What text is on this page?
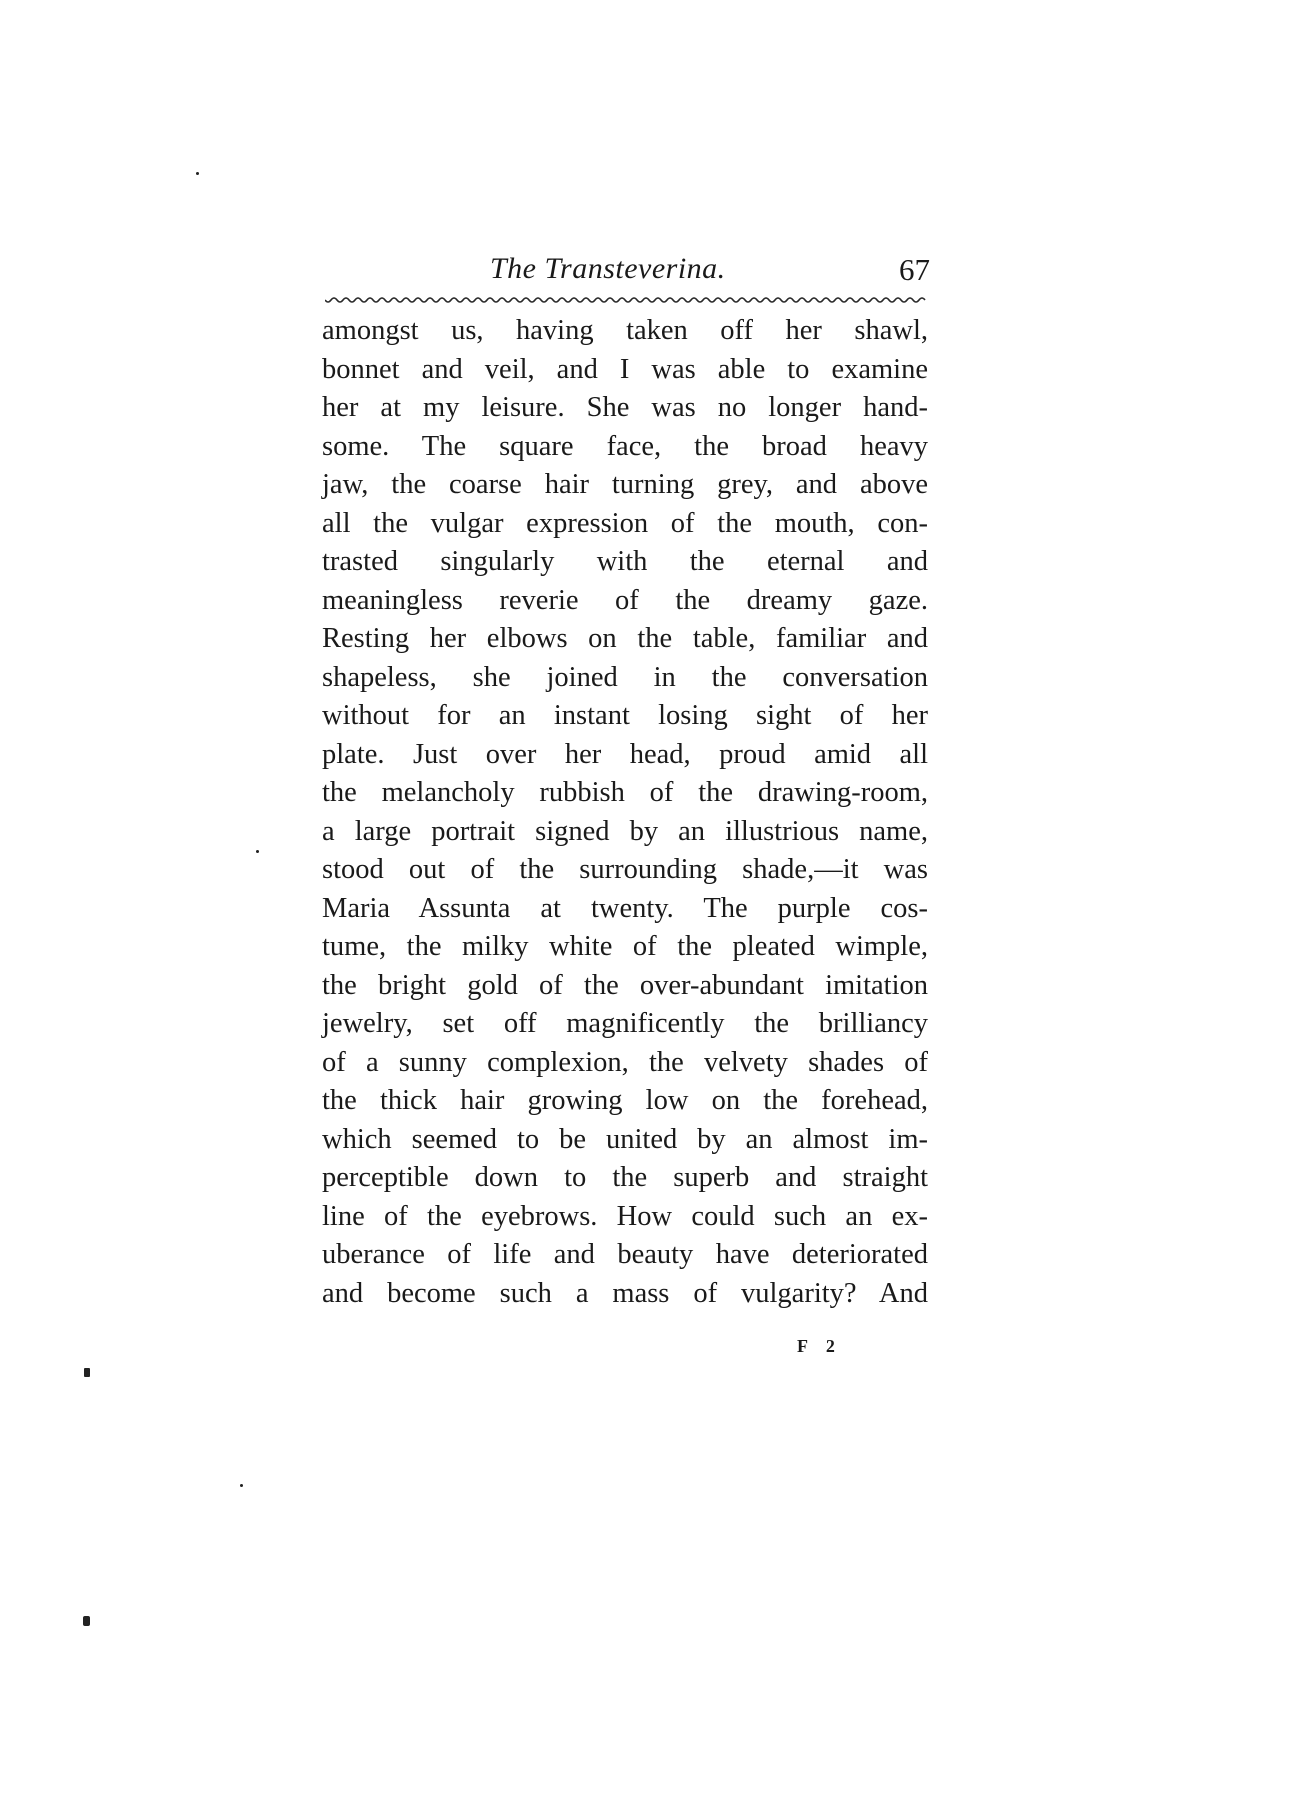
The Transteverina.	67
amongst us, having taken off her shawl,
bonnet and veil, and I was able to examine
her at my leisure. She was no longer hand-
some. The square face, the broad heavy
jaw, the coarse hair turning grey, and above
all the vulgar expression of the mouth, con-
trasted singularly with the eternal and
meaningless reverie of the dreamy gaze.
Resting her elbows on the table, familiar and
shapeless, she joined in the conversation
without for an instant losing sight of her
plate. Just over her head, proud amid all
the melancholy rubbish of the drawing-room,
a large portrait signed by an illustrious name,
stood out of the surrounding shade,—it was
Maria Assunta at twenty. The purple cos-
tume, the milky white of the pleated wimple,
the bright gold of the over-abundant imitation
jewelry, set off magnificently the brilliancy
of a sunny complexion, the velvety shades of
the thick hair growing low on the forehead,
which seemed to be united by an almost im-
perceptible down to the superb and straight
line of the eyebrows. How could such an ex-
uberance of life and beauty have deteriorated
and become such a mass of vulgarity? And
F 2
